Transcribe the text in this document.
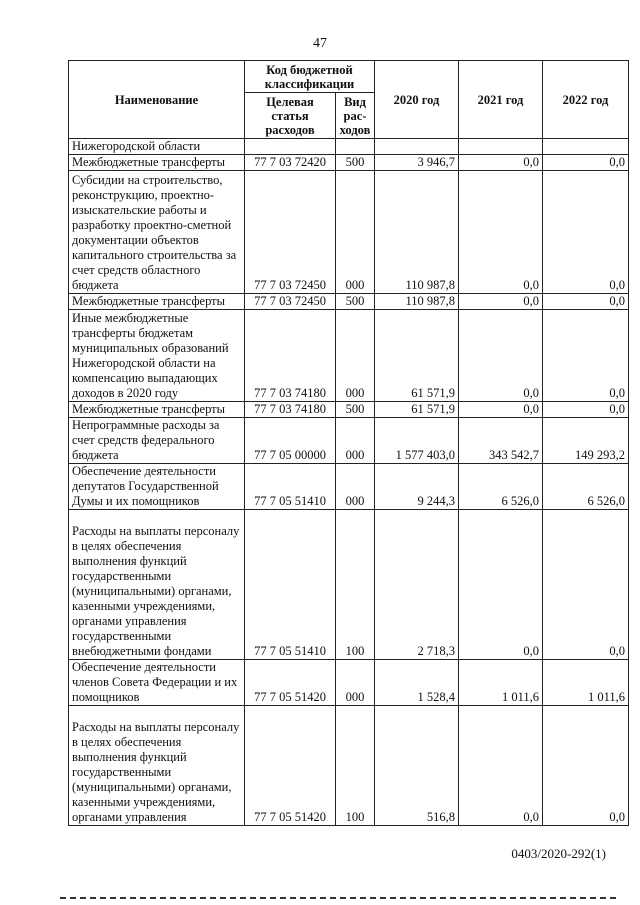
47
Наименование	Код бюджетной классификации		2020 год	2021 год	2022 год
	Целевая статья расходов	Вид рас-ходов			
Нижегородской области					
Межбюджетные трансферты	77 7 03 72420	500	3 946,7	0,0	0,0
Субсидии на строительство, реконструкцию, проектно-изыскательские работы и разработку проектно-сметной документации объектов капитального строительства за счет средств областного бюджета	77 7 03 72450	000	110 987,8	0,0	0,0
Межбюджетные трансферты	77 7 03 72450	500	110 987,8	0,0	0,0
Иные межбюджетные трансферты бюджетам муниципальных образований Нижегородской области на компенсацию выпадающих доходов в 2020 году	77 7 03 74180	000	61 571,9	0,0	0,0
Межбюджетные трансферты	77 7 03 74180	500	61 571,9	0,0	0,0
Непрограммные расходы за счет средств федерального бюджета	77 7 05 00000	000	1 577 403,0	343 542,7	149 293,2
Обеспечение деятельности депутатов Государственной Думы и их помощников	77 7 05 51410	000	9 244,3	6 526,0	6 526,0
Расходы на выплаты персоналу в целях обеспечения выполнения функций государственными (муниципальными) органами, казенными учреждениями, органами управления государственными внебюджетными фондами	77 7 05 51410	100	2 718,3	0,0	0,0
Обеспечение деятельности членов Совета Федерации и их помощников	77 7 05 51420	000	1 528,4	1 011,6	1 011,6
Расходы на выплаты персоналу в целях обеспечения выполнения функций государственными (муниципальными) органами, казенными учреждениями, органами управления	77 7 05 51420	100	516,8	0,0	0,0
0403/2020-292(1)
